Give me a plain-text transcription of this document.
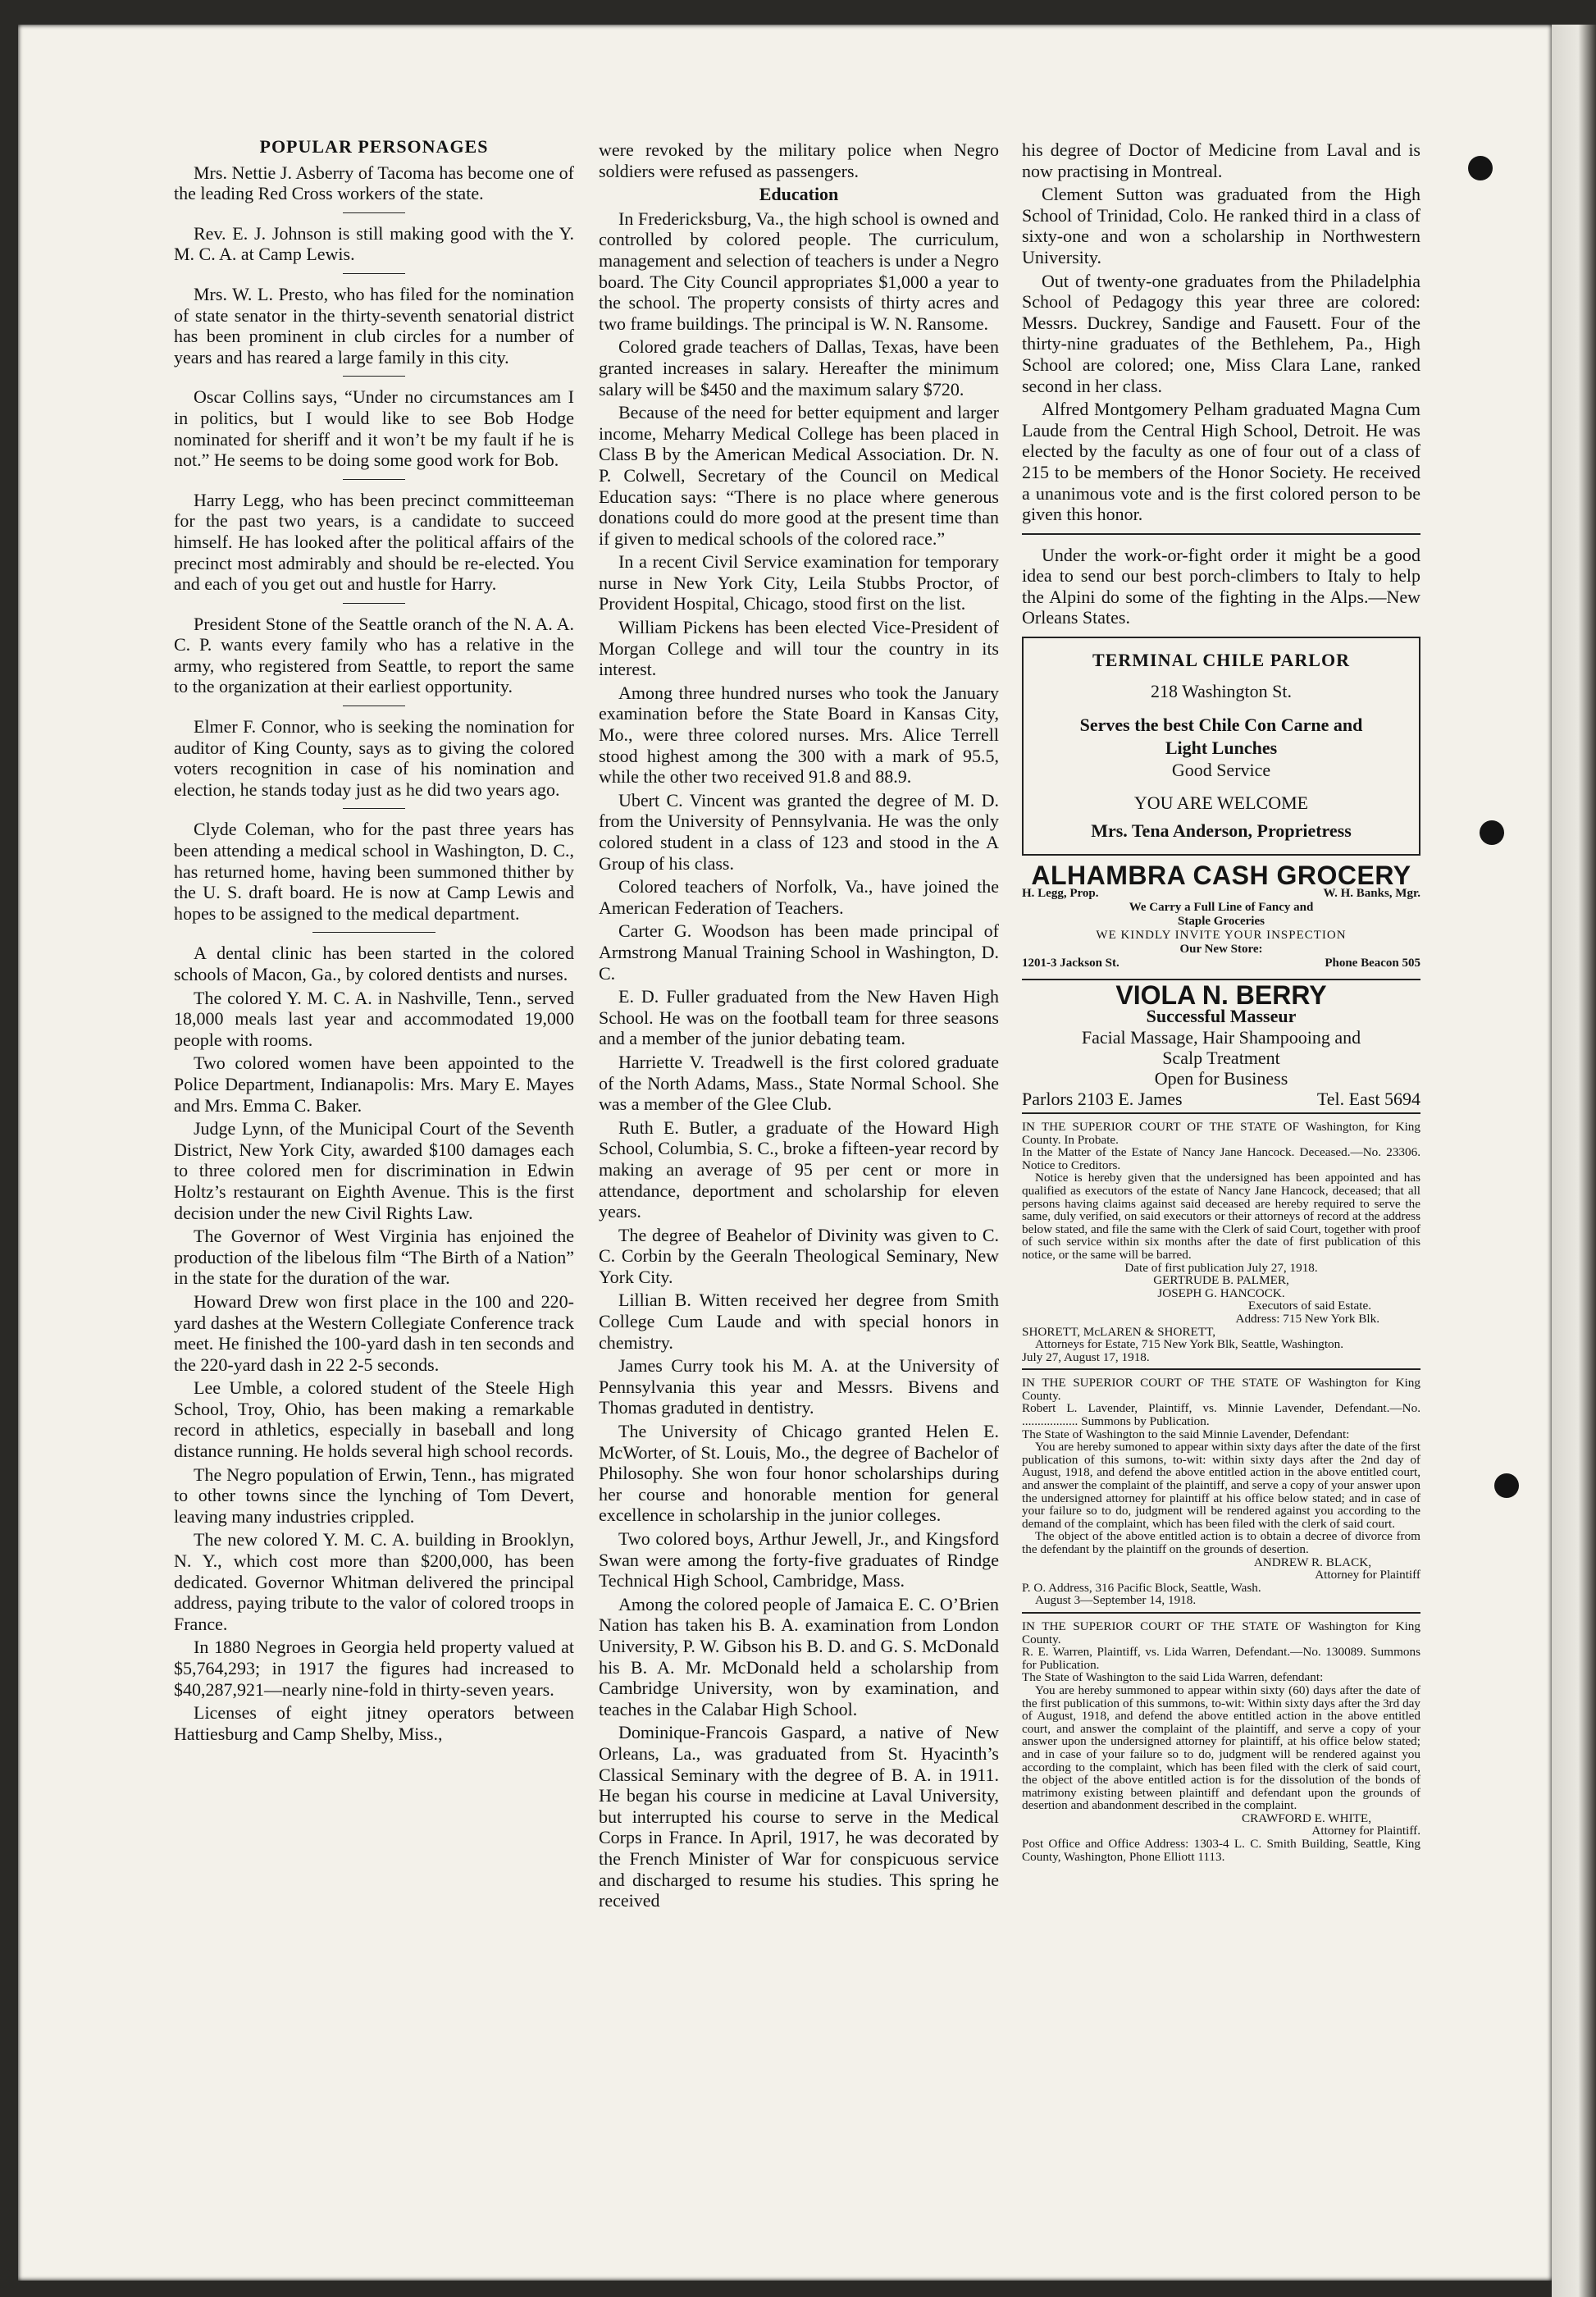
POPULAR PERSONAGES

Mrs. Nettie J. Asberry of Tacoma has become one of the leading Red Cross workers of the state.

Rev. E. J. Johnson is still making good with the Y. M. C. A. at Camp Lewis.

Mrs. W. L. Presto, who has filed for the nomination of state senator in the thirty-seventh senatorial district has been prominent in club circles for a number of years and has reared a large family in this city.

Oscar Collins says, “Under no circumstances am I in politics, but I would like to see Bob Hodge nominated for sheriff and it won’t be my fault if he is not.” He seems to be doing some good work for Bob.

Harry Legg, who has been precinct committeeman for the past two years, is a candidate to succeed himself. He has looked after the political affairs of the precinct most admirably and should be re-elected. You and each of you get out and hustle for Harry.

President Stone of the Seattle oranch of the N. A. A. C. P. wants every family who has a relative in the army, who registered from Seattle, to report the same to the organization at their earliest opportunity.

Elmer F. Connor, who is seeking the nomination for auditor of King County, says as to giving the colored voters recognition in case of his nomination and election, he stands today just as he did two years ago.

Clyde Coleman, who for the past three years has been attending a medical school in Washington, D. C., has returned home, having been summoned thither by the U. S. draft board. He is now at Camp Lewis and hopes to be assigned to the medical department.

A dental clinic has been started in the colored schools of Macon, Ga., by colored dentists and nurses.

The colored Y. M. C. A. in Nashville, Tenn., served 18,000 meals last year and accommodated 19,000 people with rooms.

Two colored women have been appointed to the Police Department, Indianapolis: Mrs. Mary E. Mayes and Mrs. Emma C. Baker.

Judge Lynn, of the Municipal Court of the Seventh District, New York City, awarded $100 damages each to three colored men for discrimination in Edwin Holtz’s restaurant on Eighth Avenue. This is the first decision under the new Civil Rights Law.

The Governor of West Virginia has enjoined the production of the libelous film “The Birth of a Nation” in the state for the duration of the war.

Howard Drew won first place in the 100 and 220-yard dashes at the Western Collegiate Conference track meet. He finished the 100-yard dash in ten seconds and the 220-yard dash in 22 2-5 seconds.

Lee Umble, a colored student of the Steele High School, Troy, Ohio, has been making a remarkable record in athletics, especially in baseball and long distance running. He holds several high school records.

The Negro population of Erwin, Tenn., has migrated to other towns since the lynching of Tom Devert, leaving many industries crippled.

The new colored Y. M. C. A. building in Brooklyn, N. Y., which cost more than $200,000, has been dedicated. Governor Whitman delivered the principal address, paying tribute to the valor of colored troops in France.

In 1880 Negroes in Georgia held property valued at $5,764,293; in 1917 the figures had increased to $40,287,921—nearly nine-fold in thirty-seven years.

Licenses of eight jitney operators between Hattiesburg and Camp Shelby, Miss.,

were revoked by the military police when Negro soldiers were refused as passengers.

Education

In Fredericksburg, Va., the high school is owned and controlled by colored people. The curriculum, management and selection of teachers is under a Negro board. The City Council appropriates $1,000 a year to the school. The property consists of thirty acres and two frame buildings. The principal is W. N. Ransome.

Colored grade teachers of Dallas, Texas, have been granted increases in salary. Hereafter the minimum salary will be $450 and the maximum salary $720.

Because of the need for better equipment and larger income, Meharry Medical College has been placed in Class B by the American Medical Association. Dr. N. P. Colwell, Secretary of the Council on Medical Education says: “There is no place where generous donations could do more good at the present time than if given to medical schools of the colored race.”

In a recent Civil Service examination for temporary nurse in New York City, Leila Stubbs Proctor, of Provident Hospital, Chicago, stood first on the list.

William Pickens has been elected Vice-President of Morgan College and will tour the country in its interest.

Among three hundred nurses who took the January examination before the State Board in Kansas City, Mo., were three colored nurses. Mrs. Alice Terrell stood highest among the 300 with a mark of 95.5, while the other two received 91.8 and 88.9.

Ubert C. Vincent was granted the degree of M. D. from the University of Pennsylvania. He was the only colored student in a class of 123 and stood in the A Group of his class.

Colored teachers of Norfolk, Va., have joined the American Federation of Teachers.

Carter G. Woodson has been made principal of Armstrong Manual Training School in Washington, D. C.

E. D. Fuller graduated from the New Haven High School. He was on the football team for three seasons and a member of the junior debating team.

Harriette V. Treadwell is the first colored graduate of the North Adams, Mass., State Normal School. She was a member of the Glee Club.

Ruth E. Butler, a graduate of the Howard High School, Columbia, S. C., broke a fifteen-year record by making an average of 95 per cent or more in attendance, deportment and scholarship for eleven years.

The degree of Beahelor of Divinity was given to C. C. Corbin by the Geeraln Theological Seminary, New York City.

Lillian B. Witten received her degree from Smith College Cum Laude and with special honors in chemistry.

James Curry took his M. A. at the University of Pennsylvania this year and Messrs. Bivens and Thomas graduted in dentistry.

The University of Chicago granted Helen E. McWorter, of St. Louis, Mo., the degree of Bachelor of Philosophy. She won four honor scholarships during her course and honorable mention for general excellence in scholarship in the junior colleges.

Two colored boys, Arthur Jewell, Jr., and Kingsford Swan were among the forty-five graduates of Rindge Technical High School, Cambridge, Mass.

Among the colored people of Jamaica E. C. O’Brien Nation has taken his B. A. examination from London University, P. W. Gibson his B. D. and G. S. McDonald his B. A. Mr. McDonald held a scholarship from Cambridge University, won by examination, and teaches in the Calabar High School.

Dominique-Francois Gaspard, a native of New Orleans, La., was graduated from St. Hyacinth’s Classical Seminary with the degree of B. A. in 1911. He began his course in medicine at Laval University, but interrupted his course to serve in the Medical Corps in France. In April, 1917, he was decorated by the French Minister of War for conspicuous service and discharged to resume his studies. This spring he received

his degree of Doctor of Medicine from Laval and is now practising in Montreal.

Clement Sutton was graduated from the High School of Trinidad, Colo. He ranked third in a class of sixty-one and won a scholarship in Northwestern University.

Out of twenty-one graduates from the Philadelphia School of Pedagogy this year three are colored: Messrs. Duckrey, Sandige and Fausett. Four of the thirty-nine graduates of the Bethlehem, Pa., High School are colored; one, Miss Clara Lane, ranked second in her class.

Alfred Montgomery Pelham graduated Magna Cum Laude from the Central High School, Detroit. He was elected by the faculty as one of four out of a class of 215 to be members of the Honor Society. He received a unanimous vote and is the first colored person to be given this honor.

Under the work-or-fight order it might be a good idea to send our best porch-climbers to Italy to help the Alpini do some of the fighting in the Alps.—New Orleans States.

TERMINAL CHILE PARLOR
218 Washington St.
Serves the best Chile Con Carne and
Light Lunches
Good Service
YOU ARE WELCOME
Mrs. Tena Anderson, Proprietress
ALHAMBRA CASH GROCERY
H. Legg, Prop.	W. H. Banks, Mgr.
We Carry a Full Line of Fancy and
Staple Groceries
WE KINDLY INVITE YOUR INSPECTION
Our New Store:
1201-3 Jackson St.	Phone Beacon 505
VIOLA N. BERRY
Successful Masseur
Facial Massage, Hair Shampooing and
Scalp Treatment
Open for Business
Parlors 2103 E. James	Tel. East 5694

IN THE SUPERIOR COURT OF THE STATE OF Washington, for King County. In Probate.

In the Matter of the Estate of Nancy Jane Hancock. Deceased.—No. 23306. Notice to Creditors.

Notice is hereby given that the undersigned has been appointed and has qualified as executors of the estate of Nancy Jane Hancock, deceased; that all persons having claims against said deceased are hereby required to serve the same, duly verified, on said executors or their attorneys of record at the address below stated, and file the same with the Clerk of said Court, together with proof of such service within six months after the date of first publication of this notice, or the same will be barred.

Date of first publication July 27, 1918.

GERTRUDE B. PALMER,

JOSEPH G. HANCOCK.

Executors of said Estate.

Address: 715 New York Blk.

SHORETT, McLAREN & SHORETT,

Attorneys for Estate, 715 New York Blk, Seattle, Washington.

July 27, August 17, 1918.

IN THE SUPERIOR COURT OF THE STATE OF Washington for King County.

Robert L. Lavender, Plaintiff, vs. Minnie Lavender, Defendant.—No. .................. Summons by Publication.

The State of Washington to the said Minnie Lavender, Defendant:

You are hereby sumoned to appear within sixty days after the date of the first publication of this sumons, to-wit: within sixty days after the 2nd day of August, 1918, and defend the above entitled action in the above entitled court, and answer the complaint of the plaintiff, and serve a copy of your answer upon the undersigned attorney for plaintiff at his office below stated; and in case of your failure so to do, judgment will be rendered against you according to the demand of the complaint, which has been filed with the clerk of said court.

The object of the above entitled action is to obtain a decree of divorce from the defendant by the plaintiff on the grounds of desertion.

ANDREW R. BLACK,

Attorney for Plaintiff

P. O. Address, 316 Pacific Block, Seattle, Wash.

August 3—September 14, 1918.

IN THE SUPERIOR COURT OF THE STATE OF Washington for King County.

R. E. Warren, Plaintiff, vs. Lida Warren, Defendant.—No. 130089. Summons for Publication.

The State of Washington to the said Lida Warren, defendant:

You are hereby summoned to appear within sixty (60) days after the date of the first publication of this summons, to-wit: Within sixty days after the 3rd day of August, 1918, and defend the above entitled action in the above entitled court, and answer the complaint of the plaintiff, and serve a copy of your answer upon the undersigned attorney for plaintiff, at his office below stated; and in case of your failure so to do, judgment will be rendered against you according to the complaint, which has been filed with the clerk of said court, the object of the above entitled action is for the dissolution of the bonds of matrimony existing between plaintiff and defendant upon the grounds of desertion and abandonment described in the complaint.

CRAWFORD E. WHITE,

Attorney for Plaintiff.

Post Office and Office Address: 1303-4 L. C. Smith Building, Seattle, King County, Washington, Phone Elliott 1113.
